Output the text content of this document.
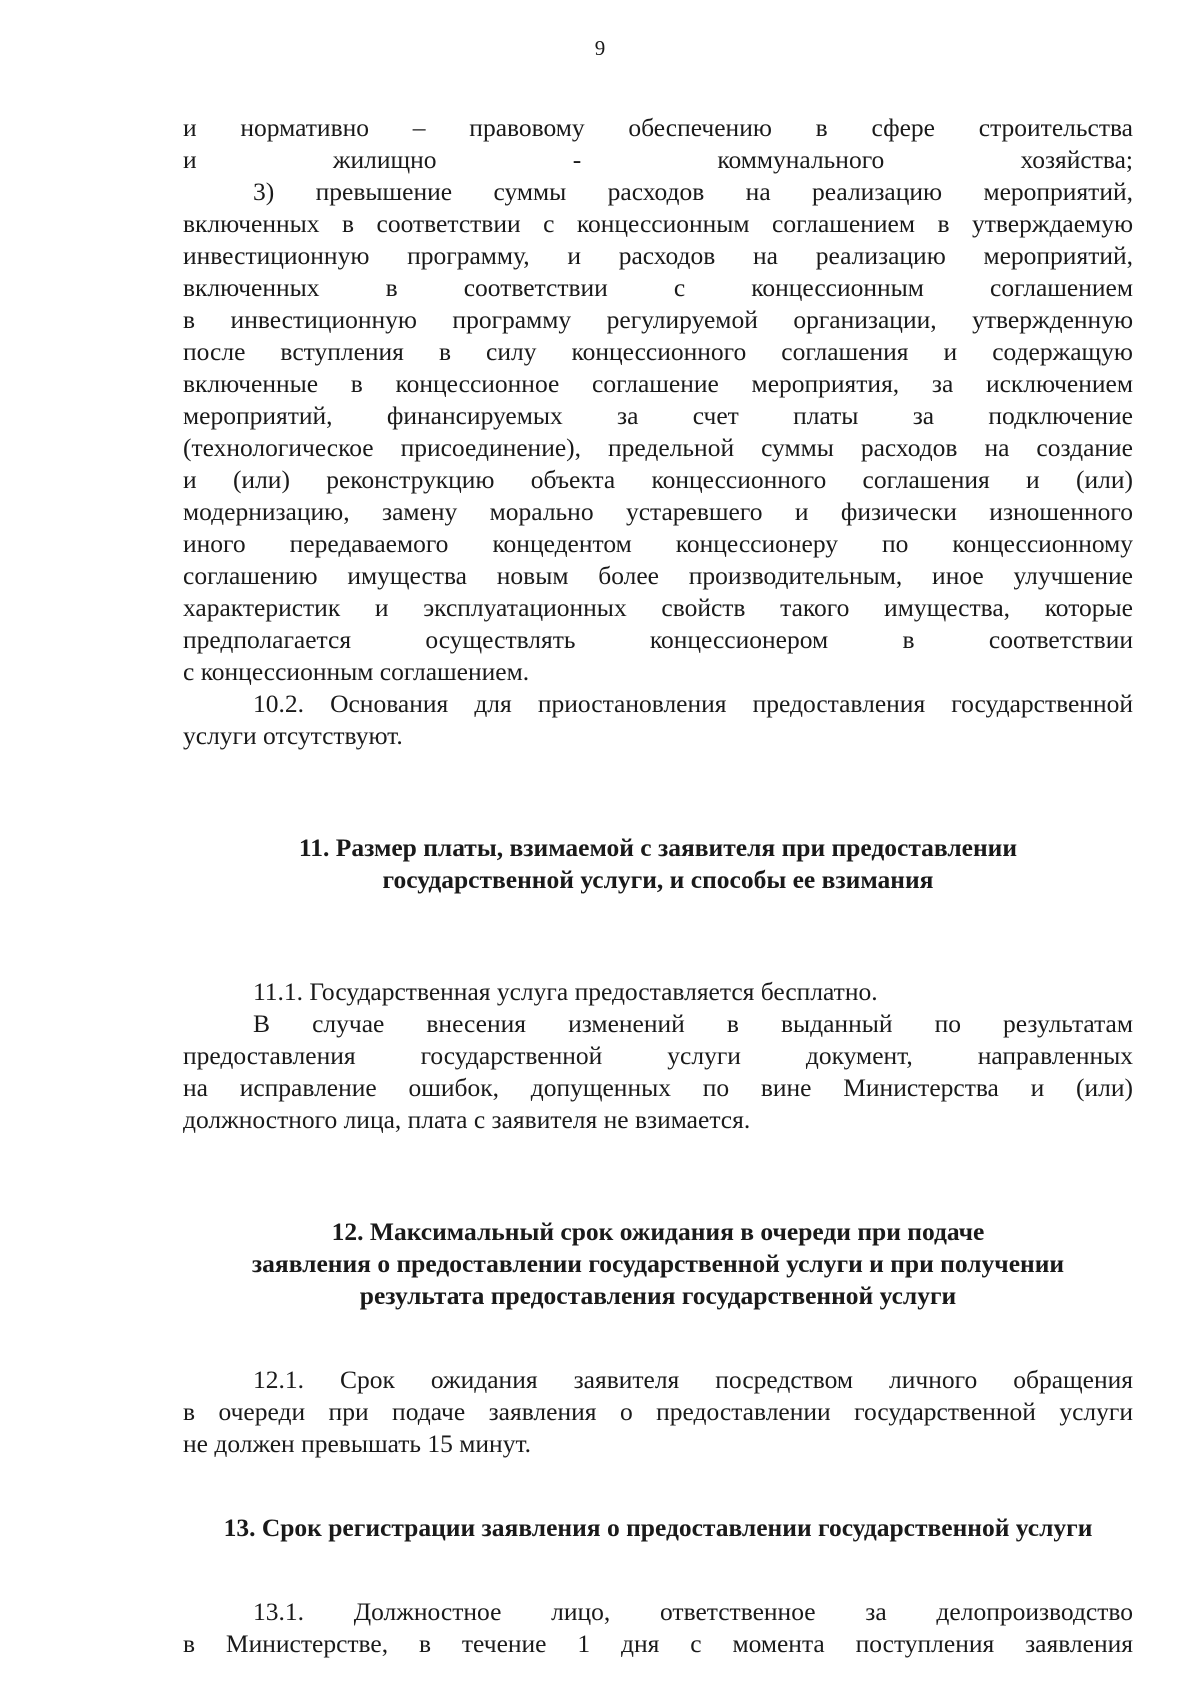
9
и нормативно – правовому обеспечению в сфере строительства
и жилищно - коммунального хозяйства;
3) превышение суммы расходов на реализацию мероприятий,
включенных в соответствии с концессионным соглашением в утверждаемую
инвестиционную программу, и расходов на реализацию мероприятий,
включенных в соответствии с концессионным соглашением
в инвестиционную программу регулируемой организации, утвержденную
после вступления в силу концессионного соглашения и содержащую
включенные в концессионное соглашение мероприятия, за исключением
мероприятий, финансируемых за счет платы за подключение
(технологическое присоединение), предельной суммы расходов на создание
и (или) реконструкцию объекта концессионного соглашения и (или)
модернизацию, замену морально устаревшего и физически изношенного
иного передаваемого концедентом концессионеру по концессионному
соглашению имущества новым более производительным, иное улучшение
характеристик и эксплуатационных свойств такого имущества, которые
предполагается осуществлять концессионером в соответствии
с концессионным соглашением.
10.2. Основания для приостановления предоставления государственной
услуги отсутствуют.
11. Размер платы, взимаемой с заявителя при предоставлении
государственной услуги, и способы ее взимания
11.1. Государственная услуга предоставляется бесплатно.
В случае внесения изменений в выданный по результатам
предоставления государственной услуги документ, направленных
на исправление ошибок, допущенных по вине Министерства и (или)
должностного лица, плата с заявителя не взимается.
12. Максимальный срок ожидания в очереди при подаче
заявления о предоставлении государственной услуги и при получении
результата предоставления государственной услуги
12.1. Срок ожидания заявителя посредством личного обращения
в очереди при подаче заявления о предоставлении государственной услуги
не должен превышать 15 минут.
13. Срок регистрации заявления о предоставлении государственной услуги
13.1. Должностное лицо, ответственное за делопроизводство
в Министерстве, в течение 1 дня с момента поступления заявления
